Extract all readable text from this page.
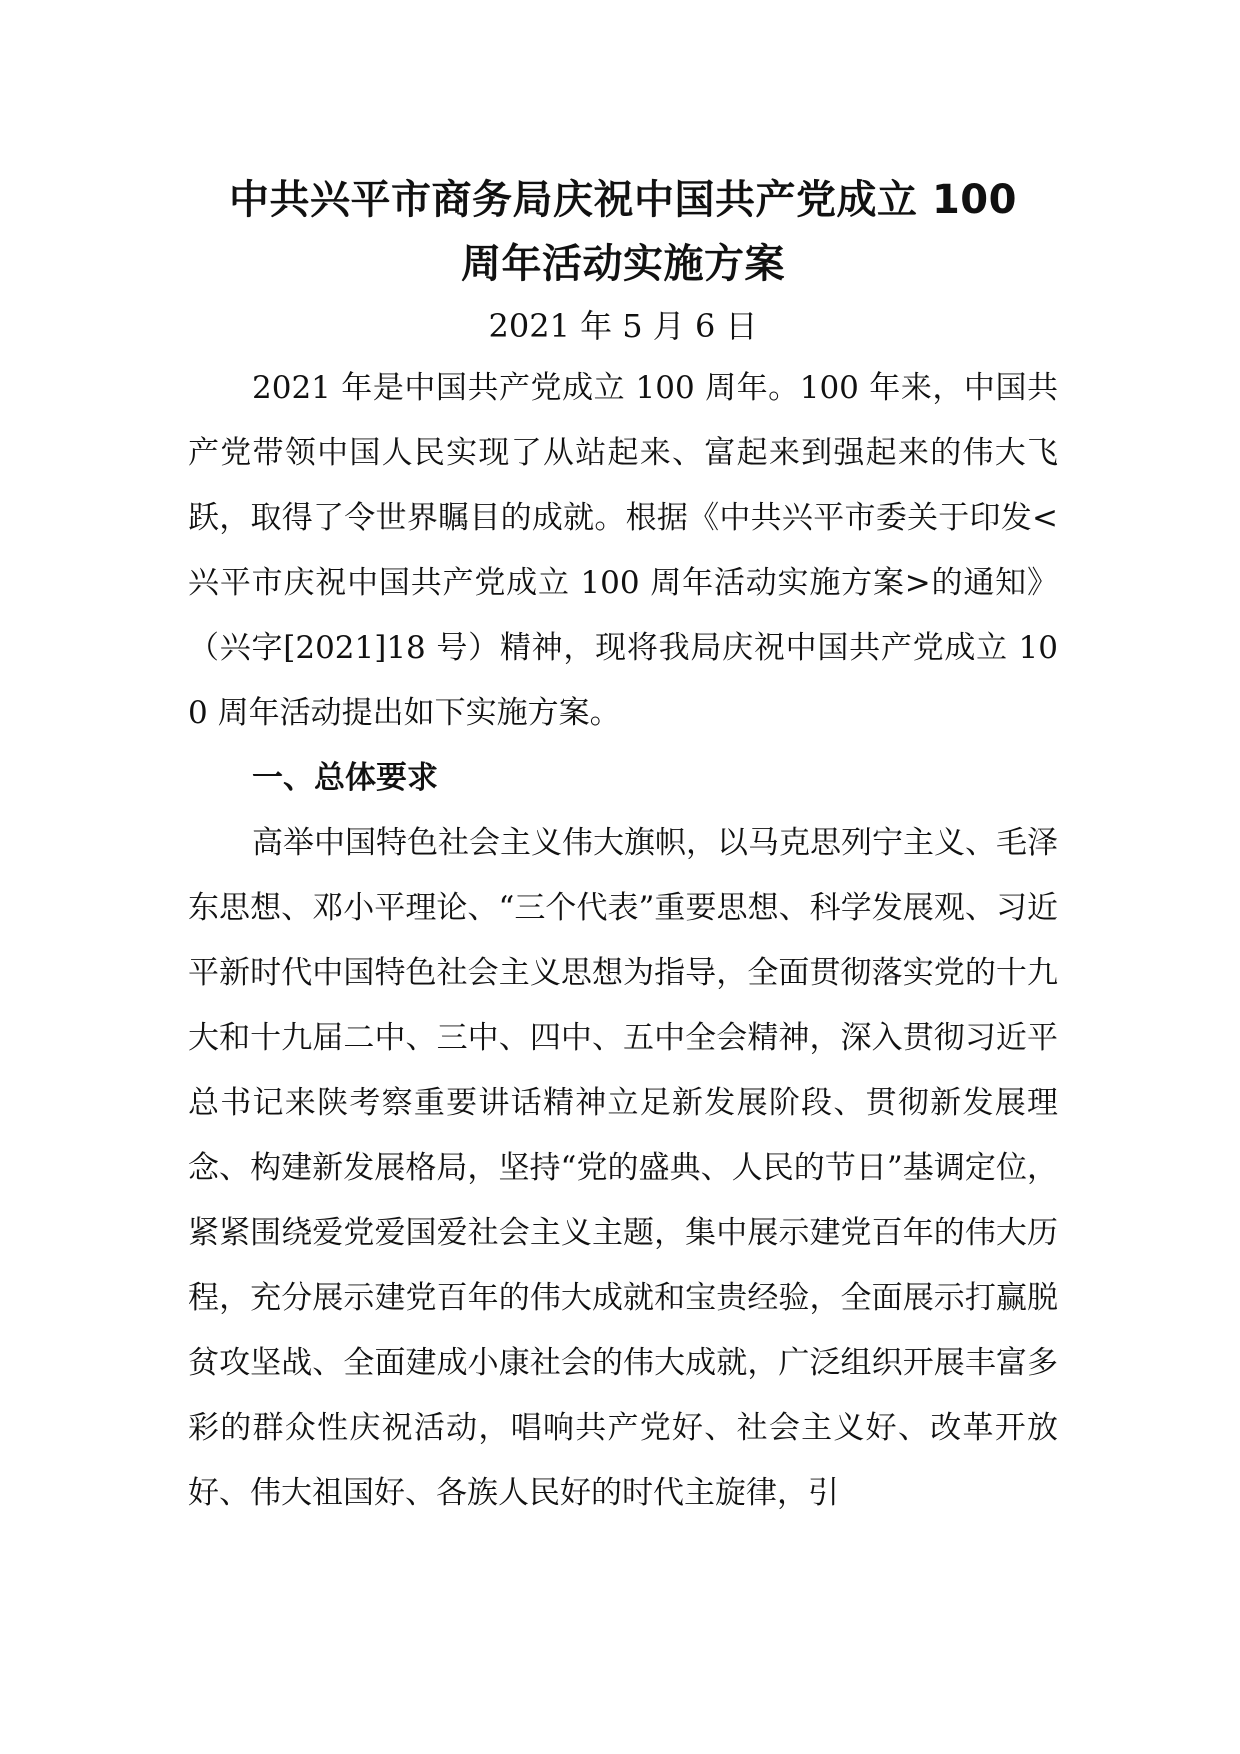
中共兴平市商务局庆祝中国共产党成立 100
周年活动实施方案
2021 年 5 月 6 日

2021 年是中国共产党成立 100 周年。100 年来，中国共产党带领中国人民实现了从站起来、富起来到强起来的伟大飞跃，取得了令世界瞩目的成就。根据《中共兴平市委关于印发<兴平市庆祝中国共产党成立 100 周年活动实施方案>的通知》（兴字[2021]18 号）精神，现将我局庆祝中国共产党成立 100 周年活动提出如下实施方案。

一、总体要求

高举中国特色社会主义伟大旗帜，以马克思列宁主义、毛泽东思想、邓小平理论、“三个代表”重要思想、科学发展观、习近平新时代中国特色社会主义思想为指导，全面贯彻落实党的十九大和十九届二中、三中、四中、五中全会精神，深入贯彻习近平总书记来陕考察重要讲话精神立足新发展阶段、贯彻新发展理念、构建新发展格局，坚持“党的盛典、人民的节日”基调定位，紧紧围绕爱党爱国爱社会主义主题，集中展示建党百年的伟大历程，充分展示建党百年的伟大成就和宝贵经验，全面展示打赢脱贫攻坚战、全面建成小康社会的伟大成就，广泛组织开展丰富多彩的群众性庆祝活动，唱响共产党好、社会主义好、改革开放好、伟大祖国好、各族人民好的时代主旋律，引
